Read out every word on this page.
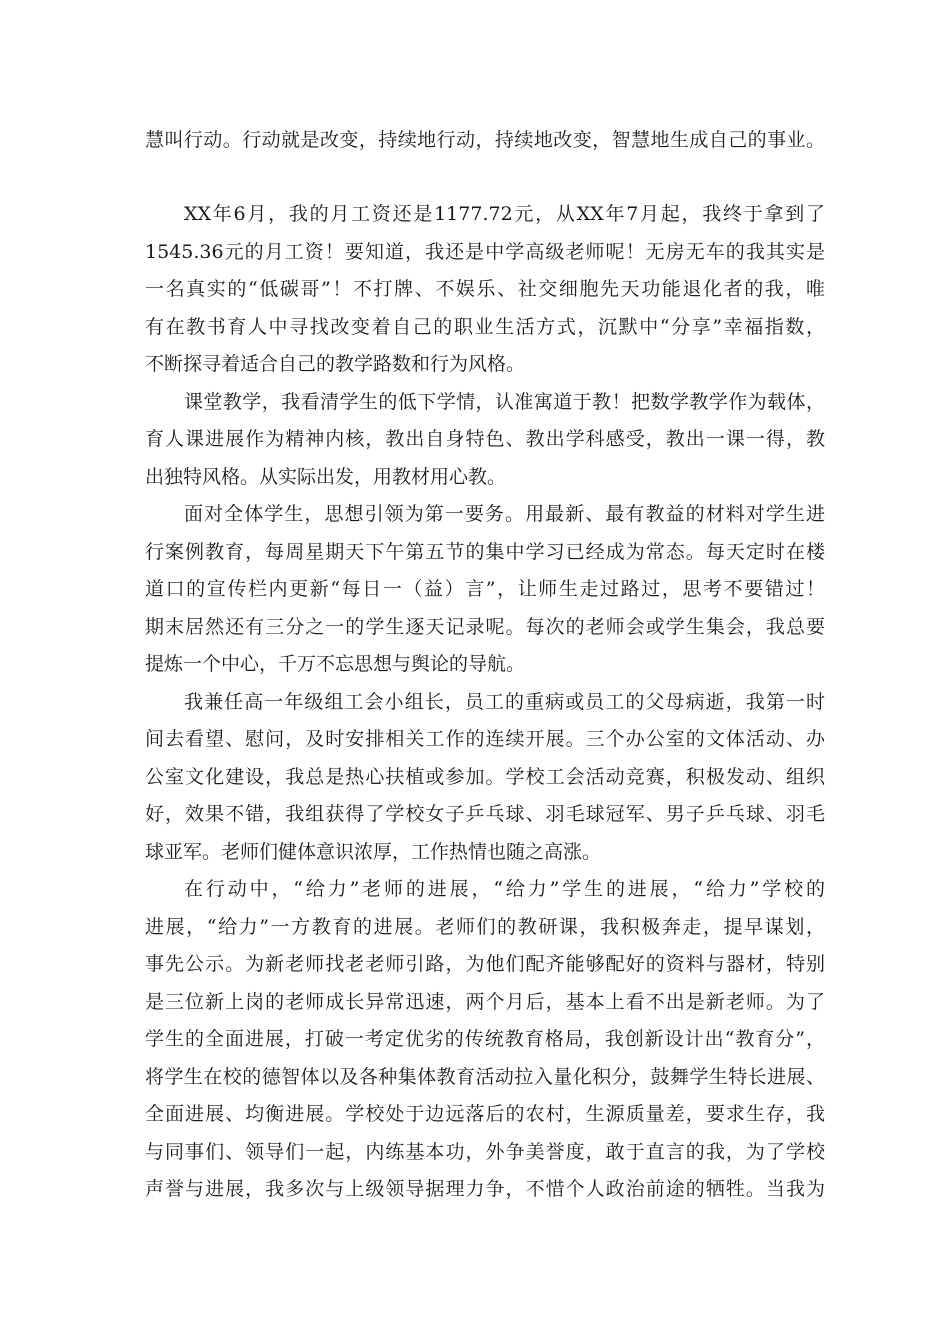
慧叫行动。行动就是改变，持续地行动，持续地改变，智慧地生成自己的事业。
XX年6月，我的月工资还是1177.72元，从XX年7月起，我终于拿到了
1545.36元的月工资！要知道，我还是中学高级老师呢！无房无车的我其实是
一名真实的“低碳哥”！不打牌、不娱乐、社交细胞先天功能退化者的我，唯
有在教书育人中寻找改变着自己的职业生活方式，沉默中“分享”幸福指数，
不断探寻着适合自己的教学路数和行为风格。
课堂教学，我看清学生的低下学情，认准寓道于教！把数学教学作为载体，
育人课进展作为精神内核，教出自身特色、教出学科感受，教出一课一得，教
出独特风格。从实际出发，用教材用心教。
面对全体学生，思想引领为第一要务。用最新、最有教益的材料对学生进
行案例教育，每周星期天下午第五节的集中学习已经成为常态。每天定时在楼
道口的宣传栏内更新“每日一（益）言”，让师生走过路过，思考不要错过！
期末居然还有三分之一的学生逐天记录呢。每次的老师会或学生集会，我总要
提炼一个中心，千万不忘思想与舆论的导航。
我兼任高一年级组工会小组长，员工的重病或员工的父母病逝，我第一时
间去看望、慰问，及时安排相关工作的连续开展。三个办公室的文体活动、办
公室文化建设，我总是热心扶植或参加。学校工会活动竞赛，积极发动、组织
好，效果不错，我组获得了学校女子乒乓球、羽毛球冠军、男子乒乓球、羽毛
球亚军。老师们健体意识浓厚，工作热情也随之高涨。
在行动中，“给力”老师的进展，“给力”学生的进展，“给力”学校的
进展，“给力”一方教育的进展。老师们的教研课，我积极奔走，提早谋划，
事先公示。为新老师找老老师引路，为他们配齐能够配好的资料与器材，特别
是三位新上岗的老师成长异常迅速，两个月后，基本上看不出是新老师。为了
学生的全面进展，打破一考定优劣的传统教育格局，我创新设计出“教育分”，
将学生在校的德智体以及各种集体教育活动拉入量化积分，鼓舞学生特长进展、
全面进展、均衡进展。学校处于边远落后的农村，生源质量差，要求生存，我
与同事们、领导们一起，内练基本功，外争美誉度，敢于直言的我，为了学校
声誉与进展，我多次与上级领导据理力争，不惜个人政治前途的牺牲。当我为
